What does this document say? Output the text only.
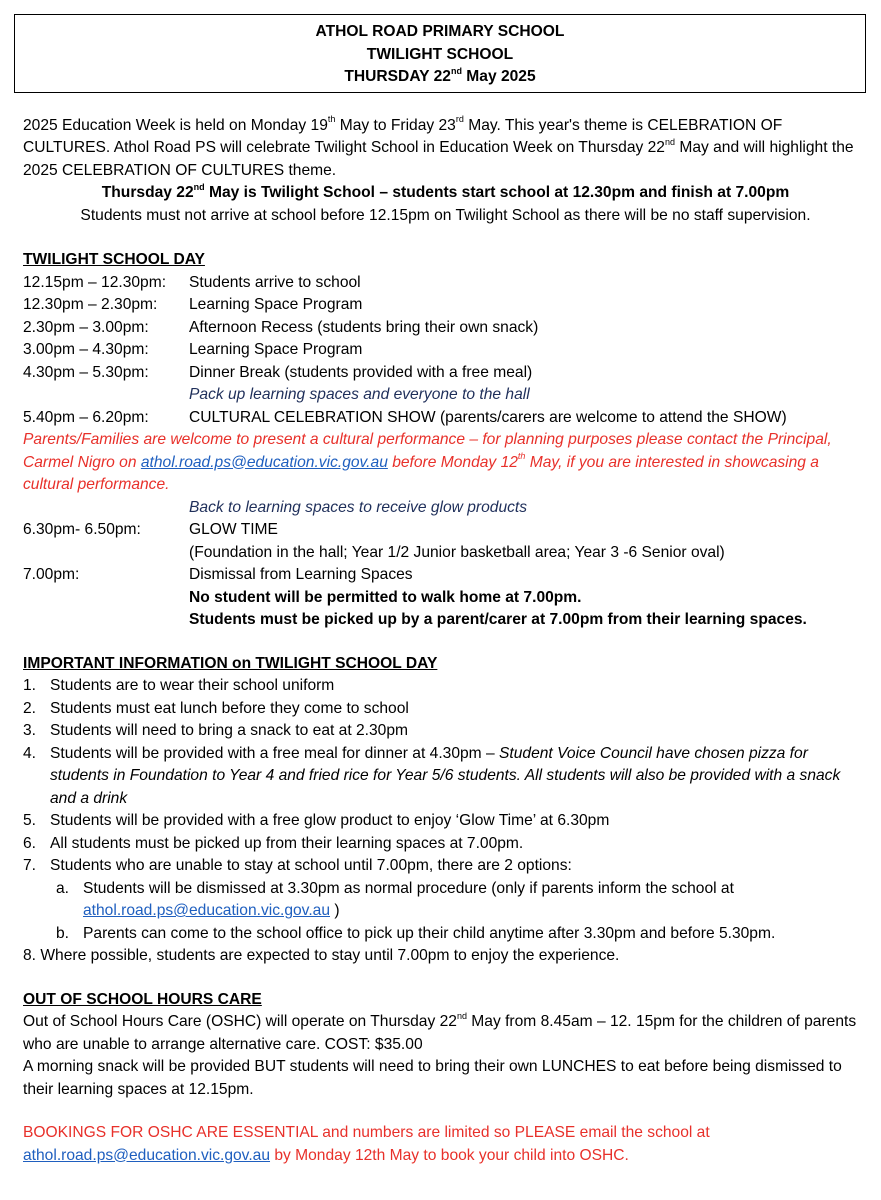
ATHOL ROAD PRIMARY SCHOOL
TWILIGHT SCHOOL
THURSDAY 22nd May 2025
2025 Education Week is held on Monday 19th May to Friday 23rd May. This year's theme is CELEBRATION OF CULTURES. Athol Road PS will celebrate Twilight School in Education Week on Thursday 22nd May and will highlight the 2025 CELEBRATION OF CULTURES theme.
Thursday 22nd May is Twilight School – students start school at 12.30pm and finish at 7.00pm
Students must not arrive at school before 12.15pm on Twilight School as there will be no staff supervision.
TWILIGHT SCHOOL DAY
12.15pm – 12.30pm:	Students arrive to school
12.30pm – 2.30pm:	Learning Space Program
2.30pm – 3.00pm:	Afternoon Recess (students bring their own snack)
3.00pm – 4.30pm:	Learning Space Program
4.30pm – 5.30pm:	Dinner Break (students provided with a free meal)
Pack up learning spaces and everyone to the hall
5.40pm – 6.20pm:	CULTURAL CELEBRATION SHOW (parents/carers are welcome to attend the SHOW)
Parents/Families are welcome to present a cultural performance – for planning purposes please contact the Principal, Carmel Nigro on athol.road.ps@education.vic.gov.au before Monday 12th May, if you are interested in showcasing a cultural performance.
Back to learning spaces to receive glow products
6.30pm- 6.50pm:	GLOW TIME
(Foundation in the hall; Year 1/2 Junior basketball area; Year 3 -6 Senior oval)
7.00pm:	Dismissal from Learning Spaces
No student will be permitted to walk home at 7.00pm.
Students must be picked up by a parent/carer at 7.00pm from their learning spaces.
IMPORTANT INFORMATION on TWILIGHT SCHOOL DAY
1. Students are to wear their school uniform
2. Students must eat lunch before they come to school
3. Students will need to bring a snack to eat at 2.30pm
4. Students will be provided with a free meal for dinner at 4.30pm – Student Voice Council have chosen pizza for students in Foundation to Year 4 and fried rice for Year 5/6 students. All students will also be provided with a snack and a drink
5. Students will be provided with a free glow product to enjoy ‘Glow Time’ at 6.30pm
6. All students must be picked up from their learning spaces at 7.00pm.
7. Students who are unable to stay at school until 7.00pm, there are 2 options:
a. Students will be dismissed at 3.30pm as normal procedure (only if parents inform the school at athol.road.ps@education.vic.gov.au )
b. Parents can come to the school office to pick up their child anytime after 3.30pm and before 5.30pm.
8. Where possible, students are expected to stay until 7.00pm to enjoy the experience.
OUT OF SCHOOL HOURS CARE
Out of School Hours Care (OSHC) will operate on Thursday 22nd May from 8.45am – 12. 15pm for the children of parents who are unable to arrange alternative care. COST: $35.00
A morning snack will be provided BUT students will need to bring their own LUNCHES to eat before being dismissed to their learning spaces at 12.15pm.
BOOKINGS FOR OSHC ARE ESSENTIAL and numbers are limited so PLEASE email the school at athol.road.ps@education.vic.gov.au by Monday 12th May to book your child into OSHC.
